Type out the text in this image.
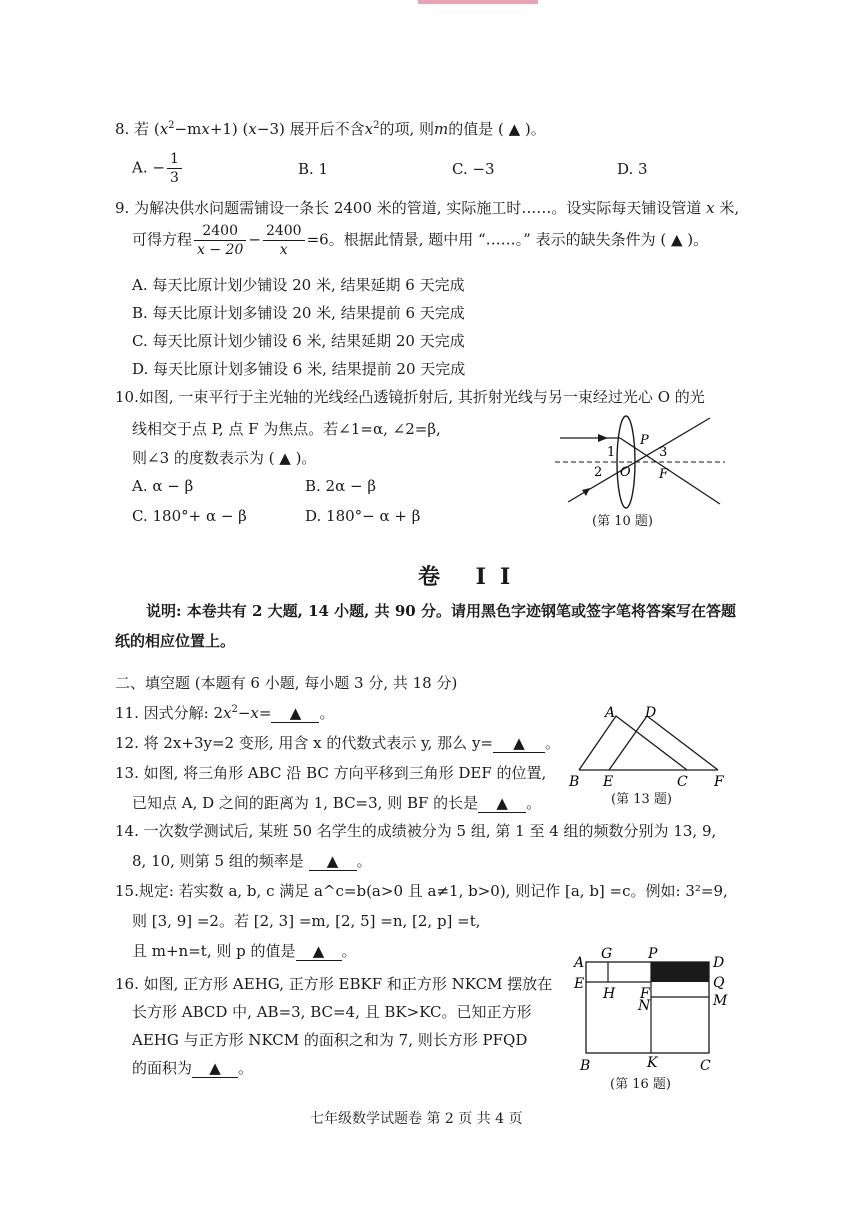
8. 若 $(x^2-mx+1)$ (x−3) 展开后不含$x^2$的项, 则m的值是 ( ▲ )。
A. − $\frac{1}{3}$	B. 1	C. −3	D. 3
9. 为解决供水问题需铺设一条长 2400 米的管道, 实际施工时……。设实际每天铺设管道 x 米,
可得方程 $\frac{2400}{x - 20} - \frac{2400}{x} =6$。根据此情景, 题中用 “……。” 表示的缺失条件为 ( ▲ )。
A. 每天比原计划少铺设 20 米, 结果延期 6 天完成
B. 每天比原计划多铺设 20 米, 结果提前 6 天完成
C. 每天比原计划少铺设 6 米, 结果延期 20 天完成
D. 每天比原计划多铺设 6 米, 结果提前 20 天完成
10.如图, 一束平行于主光轴的光线经凸透镜折射后, 其折射光线与另一束经过光心 O 的光
线相交于点 P, 点 F 为焦点。若∠1=α, ∠2=β,
则∠3 的度数表示为 ( ▲ )。
A. α − β	B. 2α − β
C. 180°+ α − β	D. 180°− α + β
1
2
3
P
O F
(第 10 题)
卷 II
说明: 本卷共有 2 大题, 14 小题, 共 90 分。请用黑色字迹钢笔或签字笔将答案写在答题
纸的相应位置上。
二、填空题 (本题有 6 小题, 每小题 3 分, 共 18 分)
11. 因式分解: $2x^2-x=$ ▲ 。
12. 将 2x+3y=2 变形, 用含 x 的代数式表示 y, 那么 y= ▲ 。
13. 如图, 将三角形 ABC 沿 BC 方向平移到三角形 DEF 的位置,
已知点 A, D 之间的距离为 1, BC=3, 则 BF 的长是 ▲ 。
A D
B E	C F
(第 13 题)
14. 一次数学测试后, 某班 50 名学生的成绩被分为 5 组, 第 1 至 4 组的频数分别为 13, 9,
8, 10, 则第 5 组的频率是 ▲ 。
15.规定: 若实数 a, b, c 满足 a^c=b(a>0 且 a≠1, b>0), 则记作 [a, b] =c。例如: 3²=9,
则 [3, 9] =2。若 [2, 3] =m, [2, 5] =n, [2, p] =t,
且 m+n=t, 则 p 的值是 ▲ 。
16. 如图, 正方形 AEHG, 正方形 EBKF 和正方形 NKCM 摆放在
长方形 ABCD 中, AB=3, BC=4, 且 BK>KC。已知正方形
AEHG 与正方形 NKCM 的面积之和为 7, 则长方形 PFQD
的面积为 ▲ 。
A
G	P
D
E
H F
Q
N	M
B	K	C
(第 16 题)
七年级数学试题卷 第 2 页 共 4 页
